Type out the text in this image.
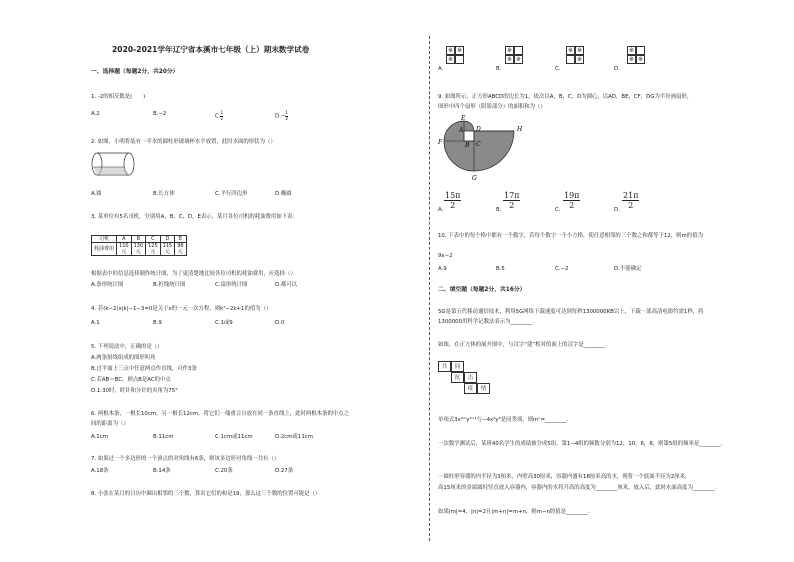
2020-2021学年辽宁省本溪市七年级（上）期末数学试卷
一、选择题（每题2分，共20分）
1. -2的相反数是(　　)
A.2	B.−2	C. $\frac{1}{2}$	$D.- \frac{1}{2}$
2. 如图，小明将装有一半水的圆柱形玻璃杯水平放置，此时水面的形状为（）
A.圆	B.长方体	C.平行四边形	D.椭圆
3. 某单位有5名司机，分别用A，B，C，D，E表示，某月各位司机的耗油费用如下表：
司机	A	B	C	D	E
耗油费用	110元	130元	125元	115元	98元
根据表中的信息选择制作统计图，为了更清楚地比较各位司机的耗油费用，应选择（）
A.条形统计图	B.折线统计图	C.扇形统计图	D.都可以
4. 若(k−2)x|k|−1−3=0是关于x的一元一次方程，则k²−2k+1的值为（）
A.1	B.9	C.1或9	D.0
5. 下列说法中，正确的是（）
A.两条射线组成的图形叫角
B.过平面上三点中任意两点作直线，可作3条
C.若AB＝BC，则点B是AC的中点
D.1:30时，时针和分针的夹角为75°
6. 两根木条，一根长10cm，另一根长12cm，将它们一端重合且放在同一条直线上，此时两根木条的中点之
间的距离为（）
A.1cm	B.11cm	C.1cm或11cm	D.2cm或11cm
7. 如果过一个多边形的一个顶点的对角线有6条，则该多边形对角线一共有（）
A.18条	B.14条	C.20条	D.27条
8. 小张在某月的日历中圈出相邻的三个数，算出它们的和是19，那么这三个数的位置可能是（）
A.
※ ※
※
B.
※
※ ※
C.
※ ※
※
D.
※
※ ※
9. 如图所示，正方形ABCD的边长为1，依次以A，B，C，D为圆心，以AD，BE，CF，DG为半径画扇形，
图形中四个扇形（阴影部分）的面积和为（）
E
A D	H
F	B C
G
A. $\frac{15\pi}{2}$	B. $\frac{17\pi}{2}$	C. $\frac{19\pi}{2}$	D. $\frac{21\pi}{2}$
10. 下表中的每个格中都有一个数字，若每个数字一个小方格，使任意相邻的三个数之和都等于12，则m的值为
9x−2
A.9	B.5	C.−2	D.不能确定
二、填空题（每题2分，共16分）
5G是第五代移动通信技术，利用5G网络下载速度可达到每秒1300000KB以上，下载一部高清电影约需1秒，将
1300000用科学记数法表示为________.
如图，在正方体的展开图中，与汉字“建”相对的面上的汉字是________.
共	同
抗	击
疫	情
单项式3x²ᵐy⁴⁺¹与−4x³y³是同类项，则mⁿ=________.
一次数学测试后，某班40名学生的成绩被分成5组，第1−4组的频数分别为12，10，6，8，则第5组的频率是________.
一圆柱形容器的内半径为3厘米，内壁高30厘米，容器内盛有18厘米高的水，现将一个底面半径为2厘米，
高15厘米的金属圆柱竖直放入容器内，容器内的水将升高的高度为________厘米，放入后，此时水面高度为________.
如果|m|=4，|n|=2且|m+n|=m+n，则m−n的值是________.
